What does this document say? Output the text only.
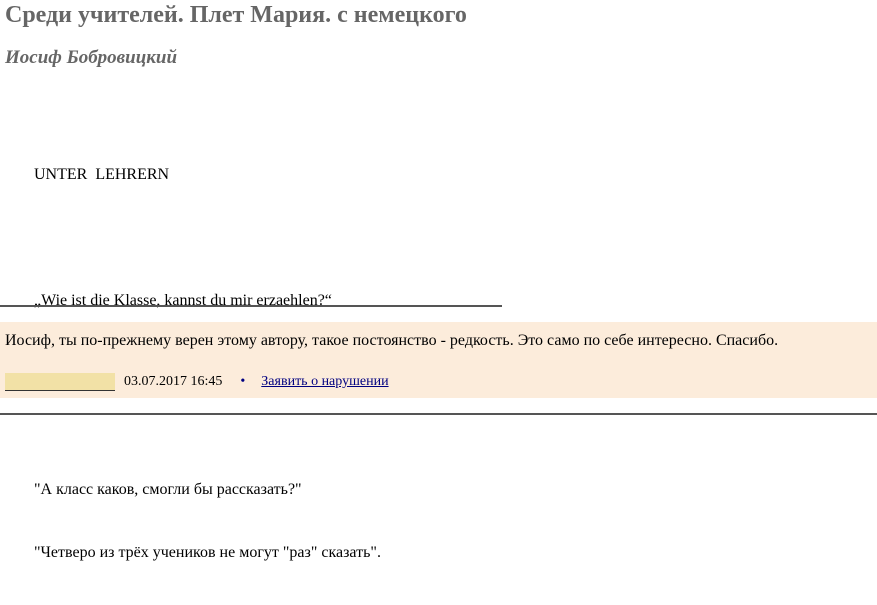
Среди учителей. Плет Мария. с немецкого
Иосиф Бобровицкий

UNTER  LEHRERN

„Wie ist die Klasse, kannst du mir erzaehlen?“

"А класс каков, смогли бы рассказать?"

"Четверо из трёх учеников не могут "раз" сказать".

Иосиф, ты по-прежнему верен этому автору, такое постоянство - редкость. Это само по себе интересно. Спасибо.
03.07.2017 16:45 • Заявить о нарушении
